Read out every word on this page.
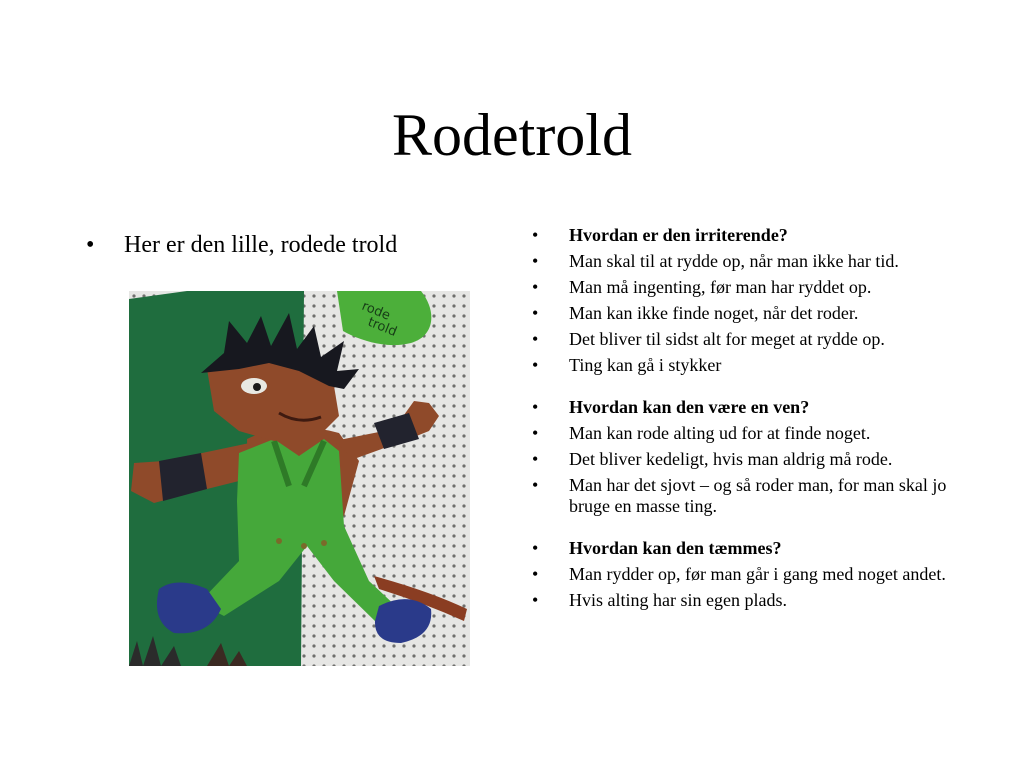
Rodetrold
• Her er den lille, rodede trold
rode
trold
•	Hvordan er den irriterende?
•	Man skal til at rydde op, når man ikke har tid.
•	Man må ingenting, før man har ryddet op.
•	Man kan ikke finde noget, når det roder.
•	Det bliver til sidst alt for meget at rydde op.
•	Ting kan gå i stykker
•	Hvordan kan den være en ven?
•	Man kan rode alting ud for at finde noget.
•	Det bliver kedeligt, hvis man aldrig må rode.
•	Man har det sjovt – og så roder man, for man skal jo bruge en masse ting.
•	Hvordan kan den tæmmes?
•	Man rydder op, før man går i gang med noget andet.
•	Hvis alting har sin egen plads.
